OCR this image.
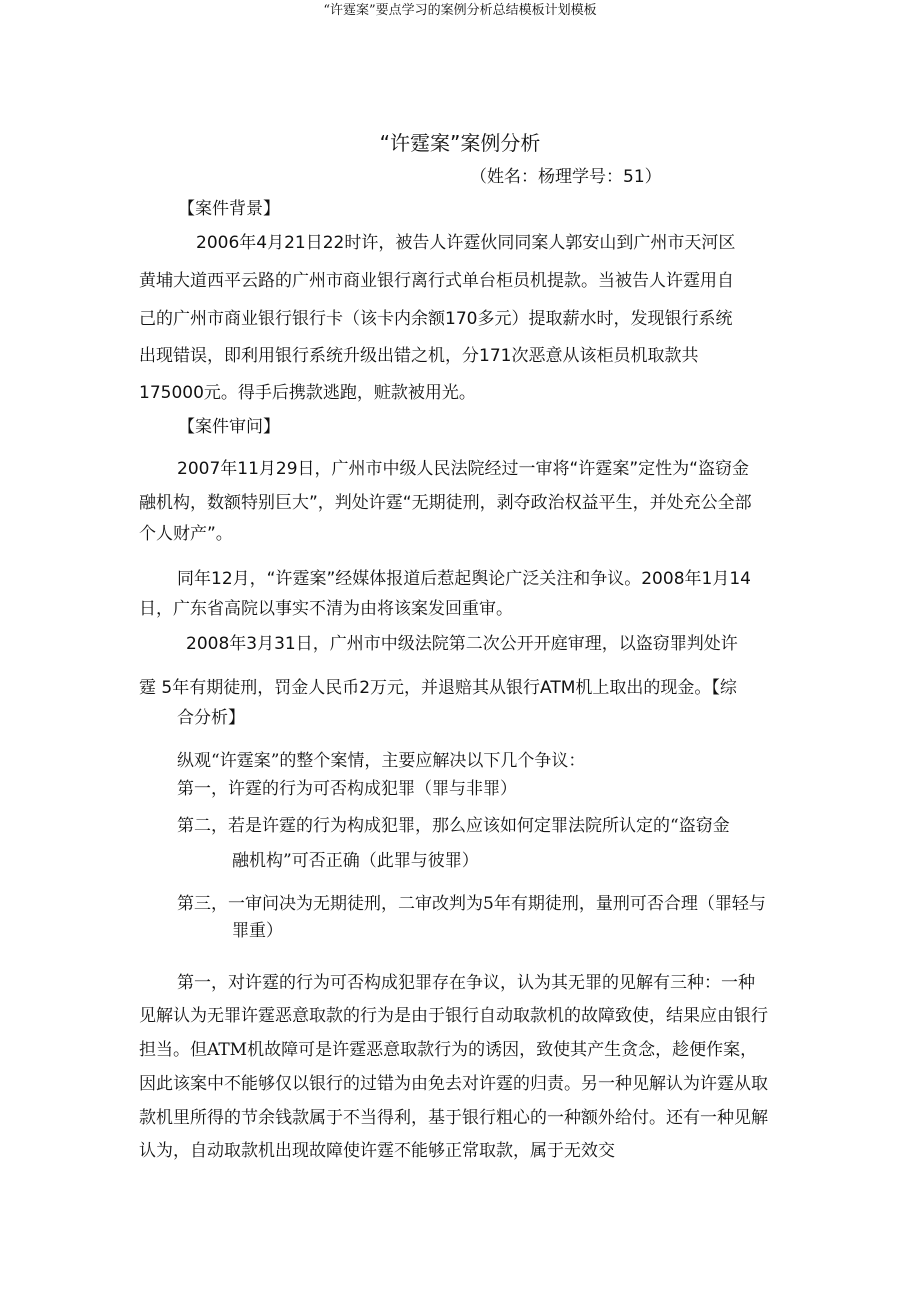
“许霆案”要点学习的案例分析总结模板计划模板
“许霆案”案例分析
（姓名：杨理学号：51）
【案件背景】
2006年4月21日22时许，被告人许霆伙同同案人郭安山到广州市天河区
黄埔大道西平云路的广州市商业银行离行式单台柜员机提款。当被告人许霆用自
己的广州市商业银行银行卡（该卡内余额170多元）提取薪水时，发现银行系统
出现错误，即利用银行系统升级出错之机，分171次恶意从该柜员机取款共
175000元。得手后携款逃跑，赃款被用光。
【案件审问】
2007年11月29日，广州市中级人民法院经过一审将“许霆案”定性为“盗窃金
融机构，数额特别巨大”，判处许霆“无期徒刑，剥夺政治权益平生，并处充公全部
个人财产”。
同年12月，“许霆案”经媒体报道后惹起舆论广泛关注和争议。2008年1月14
日，广东省高院以事实不清为由将该案发回重审。
2008年3月31日，广州市中级法院第二次公开开庭审理，以盗窃罪判处许
霆 5年有期徒刑，罚金人民币2万元，并退赔其从银行ATM机上取出的现金。【综
合分析】
纵观“许霆案”的整个案情，主要应解决以下几个争议：
第一，许霆的行为可否构成犯罪（罪与非罪）
第二，若是许霆的行为构成犯罪，那么应该如何定罪法院所认定的“盗窃金
融机构”可否正确（此罪与彼罪）
第三，一审问决为无期徒刑，二审改判为5年有期徒刑，量刑可否合理（罪轻与
罪重）
第一，对许霆的行为可否构成犯罪存在争议，认为其无罪的见解有三种：一种
见解认为无罪许霆恶意取款的行为是由于银行自动取款机的故障致使，结果应由银行
担当。但ATM机故障可是许霆恶意取款行为的诱因，致使其产生贪念，趁便作案，
因此该案中不能够仅以银行的过错为由免去对许霆的归责。另一种见解认为许霆从取
款机里所得的节余钱款属于不当得利，基于银行粗心的一种额外给付。还有一种见解
认为，自动取款机出现故障使许霆不能够正常取款，属于无效交
